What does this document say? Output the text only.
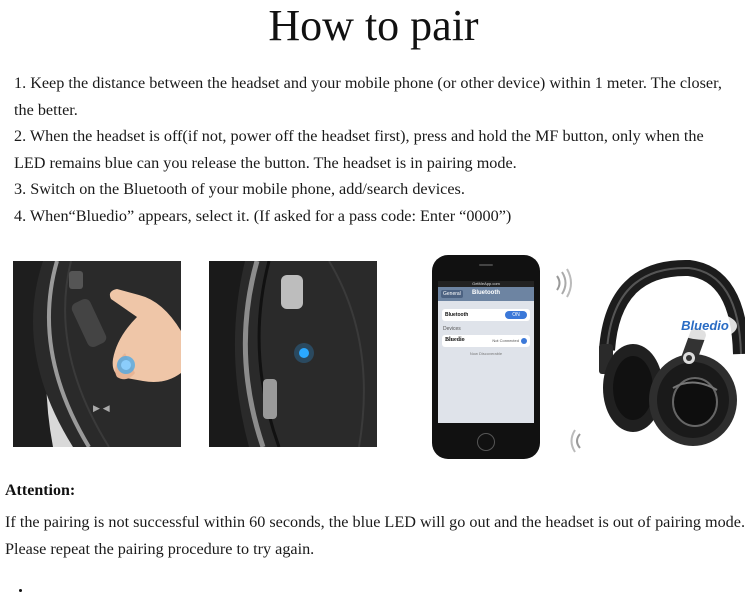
How to pair

1. Keep the distance between the headset and your mobile phone (or other device) within 1 meter. The closer, the better.

2. When the headset is off(if not, power off the headset first), press and hold the MF button, only when the LED remains blue can you release the button. The headset is in pairing mode.

3. Switch on the Bluetooth of your mobile phone, add/search devices.

4. When“Bluedio” appears, select it. (If asked for a pass code: Enter “0000”)

▶ ◀
GetMeApp.com
General	Bluetooth
Bluetooth	ON
Devices
Bluedio	Not Connected
Now Discoverable
Bluedio
Attention:
If the pairing is not successful within 60 seconds, the blue LED will go out and the headset is out of pairing mode. Please repeat the pairing procedure to try again.
